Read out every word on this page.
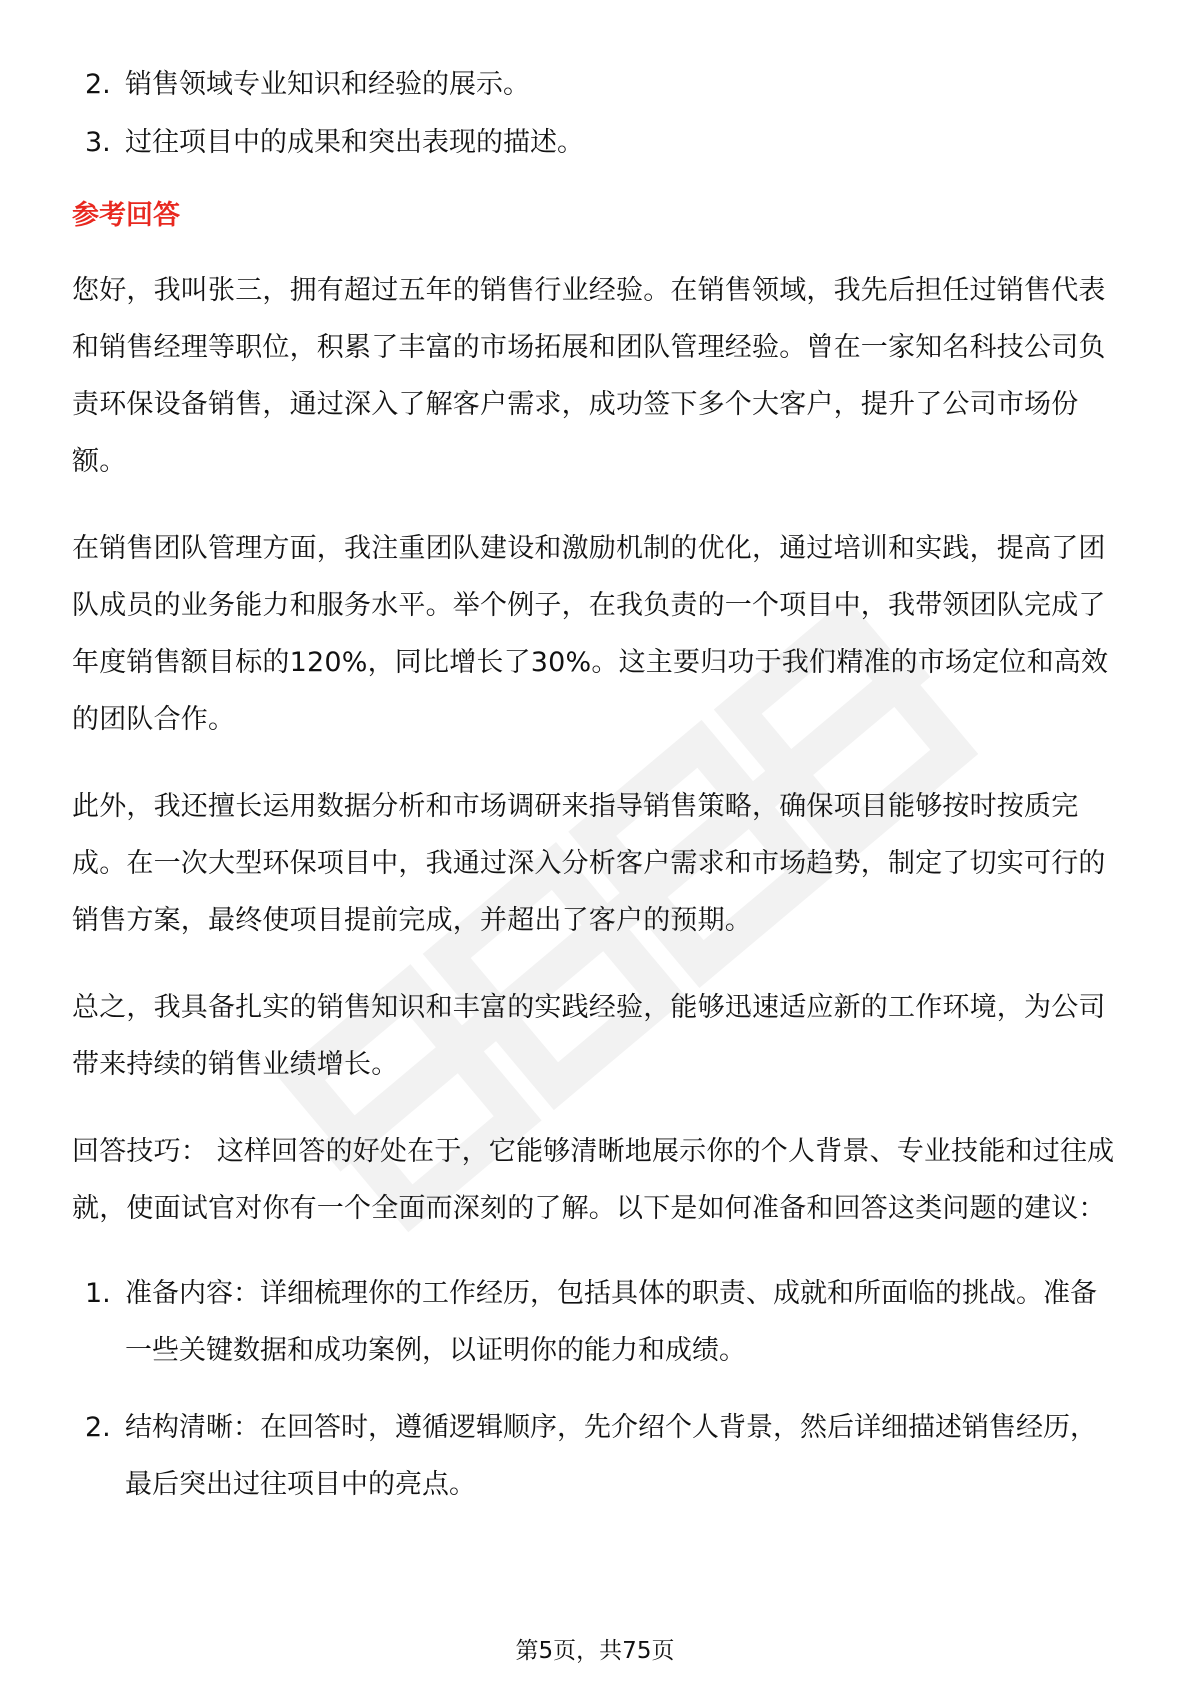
2. 销售领域专业知识和经验的展示。
3. 过往项目中的成果和突出表现的描述。
参考回答

您好，我叫张三，拥有超过五年的销售行业经验。在销售领域，我先后担任过销售代表和销售经理等职位，积累了丰富的市场拓展和团队管理经验。曾在一家知名科技公司负责环保设备销售，通过深入了解客户需求，成功签下多个大客户，提升了公司市场份额。

在销售团队管理方面，我注重团队建设和激励机制的优化，通过培训和实践，提高了团队成员的业务能力和服务水平。举个例子，在我负责的一个项目中，我带领团队完成了年度销售额目标的120%，同比增长了30%。这主要归功于我们精准的市场定位和高效的团队合作。

此外，我还擅长运用数据分析和市场调研来指导销售策略，确保项目能够按时按质完成。在一次大型环保项目中，我通过深入分析客户需求和市场趋势，制定了切实可行的销售方案，最终使项目提前完成，并超出了客户的预期。

总之，我具备扎实的销售知识和丰富的实践经验，能够迅速适应新的工作环境，为公司带来持续的销售业绩增长。

回答技巧： 这样回答的好处在于，它能够清晰地展示你的个人背景、专业技能和过往成就，使面试官对你有一个全面而深刻的了解。以下是如何准备和回答这类问题的建议：

1. 准备内容：详细梳理你的工作经历，包括具体的职责、成就和所面临的挑战。准备一些关键数据和成功案例，以证明你的能力和成绩。
2. 结构清晰：在回答时，遵循逻辑顺序，先介绍个人背景，然后详细描述销售经历，最后突出过往项目中的亮点。
第5页，共75页
